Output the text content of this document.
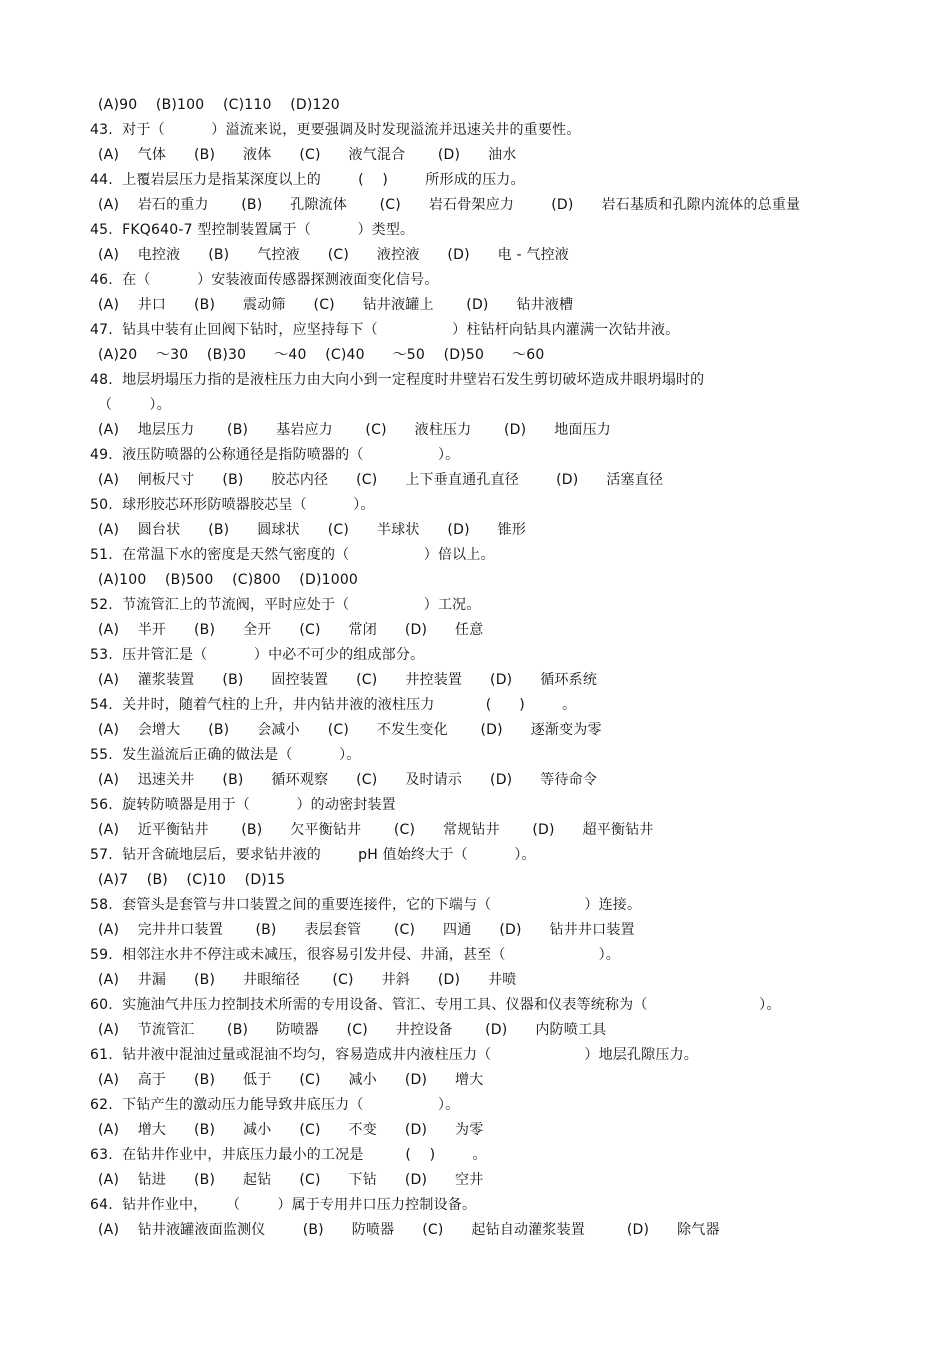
(A)90    (B)100    (C)110    (D)120
43.  对于（          ）溢流来说，更要强调及时发现溢流并迅速关井的重要性。
(A)    气体      (B)      液体      (C)      液气混合       (D)      油水
44.  上覆岩层压力是指某深度以上的        (    )        所形成的压力。
(A)    岩石的重力       (B)      孔隙流体       (C)      岩石骨架应力        (D)      岩石基质和孔隙内流体的总重量
45.  FKQ640-7 型控制装置属于（          ）类型。
(A)    电控液      (B)      气控液      (C)      液控液      (D)      电 - 气控液
46.  在（          ）安装液面传感器探测液面变化信号。
(A)    井口      (B)      震动筛      (C)      钻井液罐上       (D)      钻井液槽
47.  钻具中装有止回阀下钻时，应坚持每下（                ）柱钻杆向钻具内灌满一次钻井液。
(A)20    ～30    (B)30      ～40    (C)40      ～50    (D)50      ～60
48.  地层坍塌压力指的是液柱压力由大向小到一定程度时井壁岩石发生剪切破坏造成井眼坍塌时的
（        ）。
(A)    地层压力       (B)      基岩应力       (C)      液柱压力       (D)      地面压力
49.  液压防喷器的公称通径是指防喷器的（                ）。
(A)    闸板尺寸      (B)      胶芯内径      (C)      上下垂直通孔直径        (D)      活塞直径
50.  球形胶芯环形防喷器胶芯呈（          ）。
(A)    圆台状      (B)      圆球状      (C)      半球状      (D)      锥形
51.  在常温下水的密度是天然气密度的（                ）倍以上。
(A)100    (B)500    (C)800    (D)1000
52.  节流管汇上的节流阀，平时应处于（                ）工况。
(A)    半开      (B)      全开      (C)      常闭      (D)      任意
53.  压井管汇是（          ）中必不可少的组成部分。
(A)    灌浆装置      (B)      固控装置      (C)      井控装置      (D)      循环系统
54.  关井时，随着气柱的上升，井内钻井液的液柱压力           (      )        。
(A)    会增大      (B)      会减小      (C)      不发生变化       (D)      逐渐变为零
55.  发生溢流后正确的做法是（          ）。
(A)    迅速关井      (B)      循环观察      (C)      及时请示      (D)      等待命令
56.  旋转防喷器是用于（          ）的动密封装置
(A)    近平衡钻井       (B)      欠平衡钻井       (C)      常规钻井       (D)      超平衡钻井
57.  钻开含硫地层后，要求钻井液的        pH 值始终大于（          ）。
(A)7    (B)    (C)10    (D)15
58.  套管头是套管与井口装置之间的重要连接件，它的下端与（                    ）连接。
(A)    完井井口装置       (B)      表层套管       (C)      四通      (D)      钻井井口装置
59.  相邻注水井不停注或未减压，很容易引发井侵、井涌，甚至（                    ）。
(A)    井漏      (B)      井眼缩径       (C)      井斜      (D)      井喷
60.  实施油气井压力控制技术所需的专用设备、管汇、专用工具、仪器和仪表等统称为（                        ）。
(A)    节流管汇       (B)      防喷器      (C)      井控设备       (D)      内防喷工具
61.  钻井液中混油过量或混油不均匀，容易造成井内液柱压力（                    ）地层孔隙压力。
(A)    高于      (B)      低于      (C)      减小      (D)      增大
62.  下钻产生的激动压力能导致井底压力（                ）。
(A)    增大      (B)      减小      (C)      不变      (D)      为零
63.  在钻井作业中，井底压力最小的工况是         (    )        。
(A)    钻进      (B)      起钻      (C)      下钻      (D)      空井
64.  钻井作业中，    （        ）属于专用井口压力控制设备。
(A)    钻井液罐液面监测仪        (B)      防喷器      (C)      起钻自动灌浆装置         (D)      除气器
